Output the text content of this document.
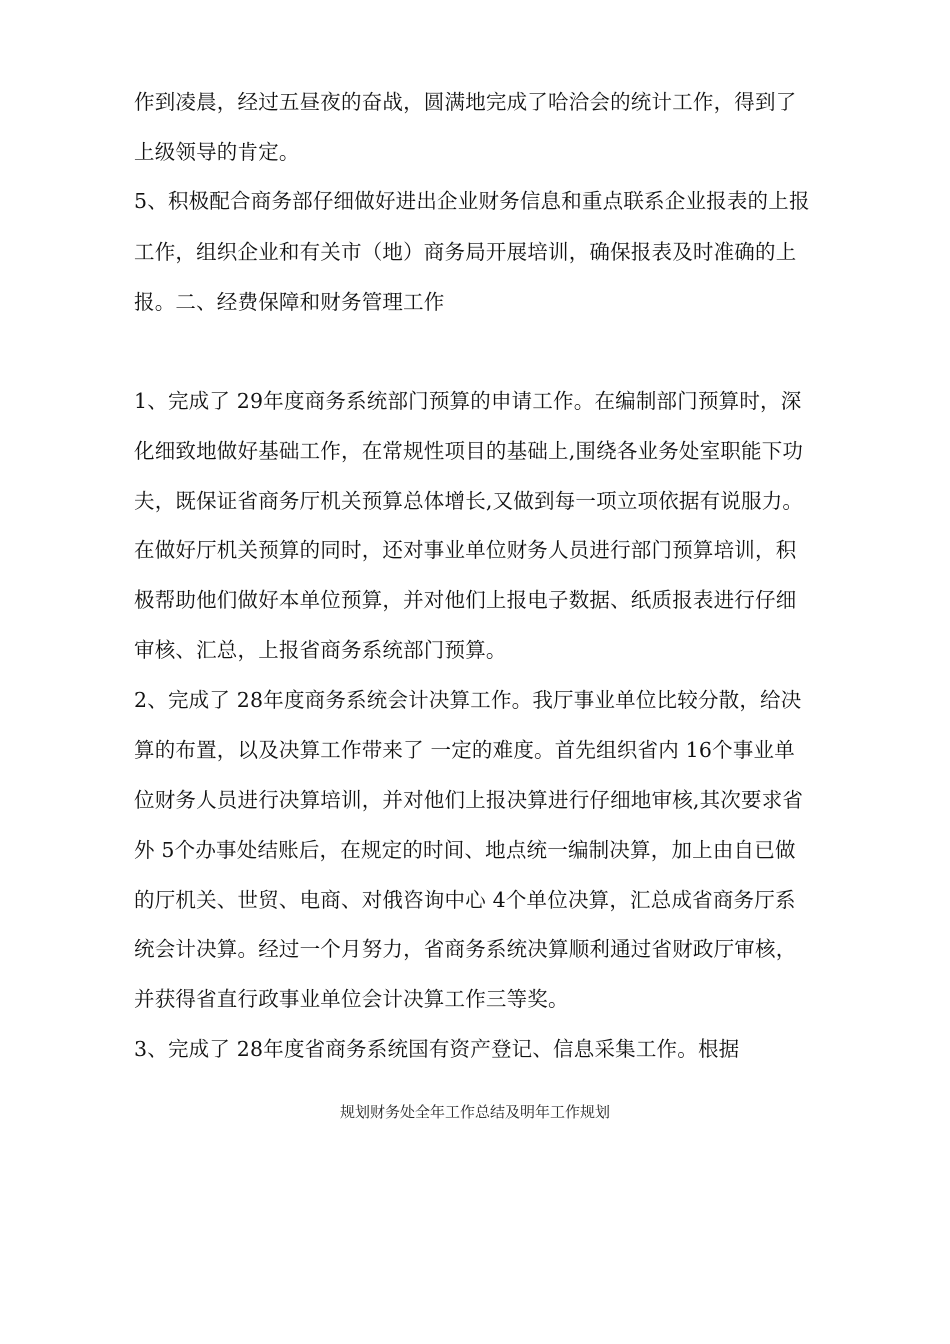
作到凌晨，经过五昼夜的奋战，圆满地完成了哈洽会的统计工作，得到了
上级领导的肯定。
5、积极配合商务部仔细做好进出企业财务信息和重点联系企业报表的上报
工作，组织企业和有关市（地）商务局开展培训，确保报表及时准确的上
报。二、经费保障和财务管理工作
1、完成了 29年度商务系统部门预算的申请工作。在编制部门预算时，深
化细致地做好基础工作，在常规性项目的基础上,围绕各业务处室职能下功
夫，既保证省商务厅机关预算总体增长,又做到每一项立项依据有说服力。
在做好厅机关预算的同时，还对事业单位财务人员进行部门预算培训，积
极帮助他们做好本单位预算，并对他们上报电子数据、纸质报表进行仔细
审核、汇总，上报省商务系统部门预算。
2、完成了 28年度商务系统会计决算工作。我厅事业单位比较分散，给决
算的布置，以及决算工作带来了 一定的难度。首先组织省内 16个事业单
位财务人员进行决算培训，并对他们上报决算进行仔细地审核,其次要求省
外 5个办事处结账后，在规定的时间、地点统一编制决算，加上由自已做
的厅机关、世贸、电商、对俄咨询中心 4个单位决算，汇总成省商务厅系
统会计决算。经过一个月努力，省商务系统决算顺利通过省财政厅审核，
并获得省直行政事业单位会计决算工作三等奖。
3、完成了 28年度省商务系统国有资产登记、信息采集工作。根据
规划财务处全年工作总结及明年工作规划
